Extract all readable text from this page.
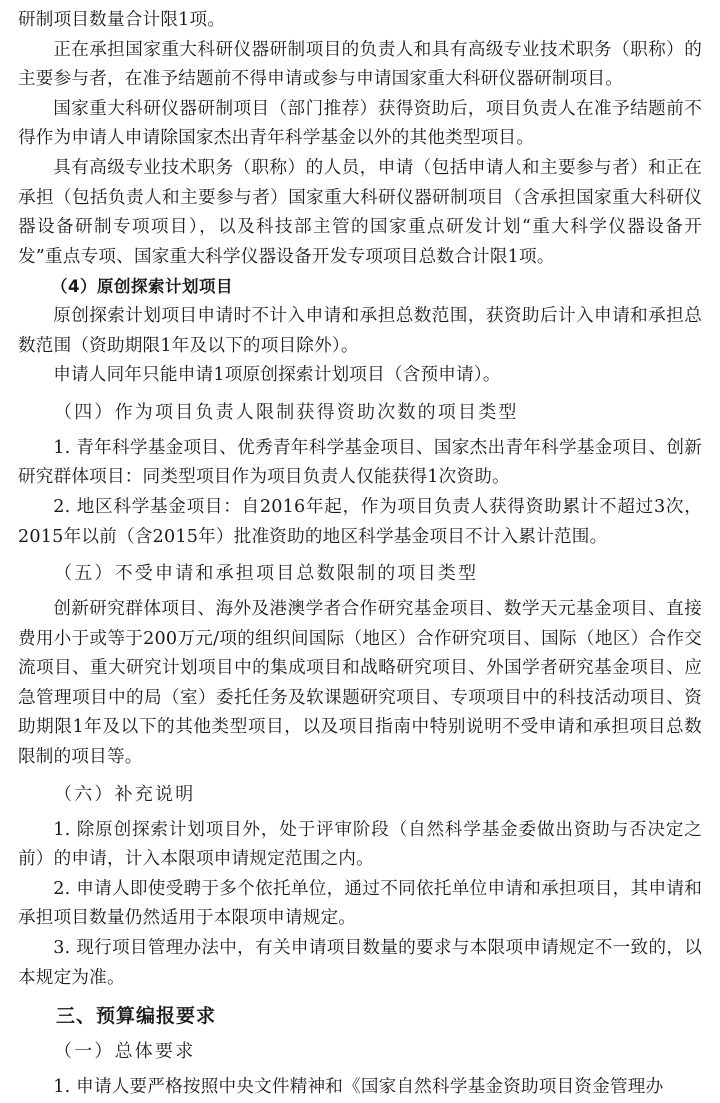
研制项目数量合计限1项。

正在承担国家重大科研仪器研制项目的负责人和具有高级专业技术职务（职称）的主要参与者，在准予结题前不得申请或参与申请国家重大科研仪器研制项目。

国家重大科研仪器研制项目（部门推荐）获得资助后，项目负责人在准予结题前不得作为申请人申请除国家杰出青年科学基金以外的其他类型项目。

具有高级专业技术职务（职称）的人员，申请（包括申请人和主要参与者）和正在承担（包括负责人和主要参与者）国家重大科研仪器研制项目（含承担国家重大科研仪器设备研制专项项目），以及科技部主管的国家重点研发计划“重大科学仪器设备开发”重点专项、国家重大科学仪器设备开发专项项目总数合计限1项。

（4）原创探索计划项目

原创探索计划项目申请时不计入申请和承担总数范围，获资助后计入申请和承担总数范围（资助期限1年及以下的项目除外）。

申请人同年只能申请1项原创探索计划项目（含预申请）。

（四）作为项目负责人限制获得资助次数的项目类型

1. 青年科学基金项目、优秀青年科学基金项目、国家杰出青年科学基金项目、创新研究群体项目：同类型项目作为项目负责人仅能获得1次资助。

2. 地区科学基金项目：自2016年起，作为项目负责人获得资助累计不超过3次，2015年以前（含2015年）批准资助的地区科学基金项目不计入累计范围。

（五）不受申请和承担项目总数限制的项目类型

创新研究群体项目、海外及港澳学者合作研究基金项目、数学天元基金项目、直接费用小于或等于200万元/项的组织间国际（地区）合作研究项目、国际（地区）合作交流项目、重大研究计划项目中的集成项目和战略研究项目、外国学者研究基金项目、应急管理项目中的局（室）委托任务及软课题研究项目、专项项目中的科技活动项目、资助期限1年及以下的其他类型项目，以及项目指南中特别说明不受申请和承担项目总数限制的项目等。

（六）补充说明

1. 除原创探索计划项目外，处于评审阶段（自然科学基金委做出资助与否决定之前）的申请，计入本限项申请规定范围之内。

2. 申请人即使受聘于多个依托单位，通过不同依托单位申请和承担项目，其申请和承担项目数量仍然适用于本限项申请规定。

3. 现行项目管理办法中，有关申请项目数量的要求与本限项申请规定不一致的，以本规定为准。

三、预算编报要求

（一）总体要求

1. 申请人要严格按照中央文件精神和《国家自然科学基金资助项目资金管理办
